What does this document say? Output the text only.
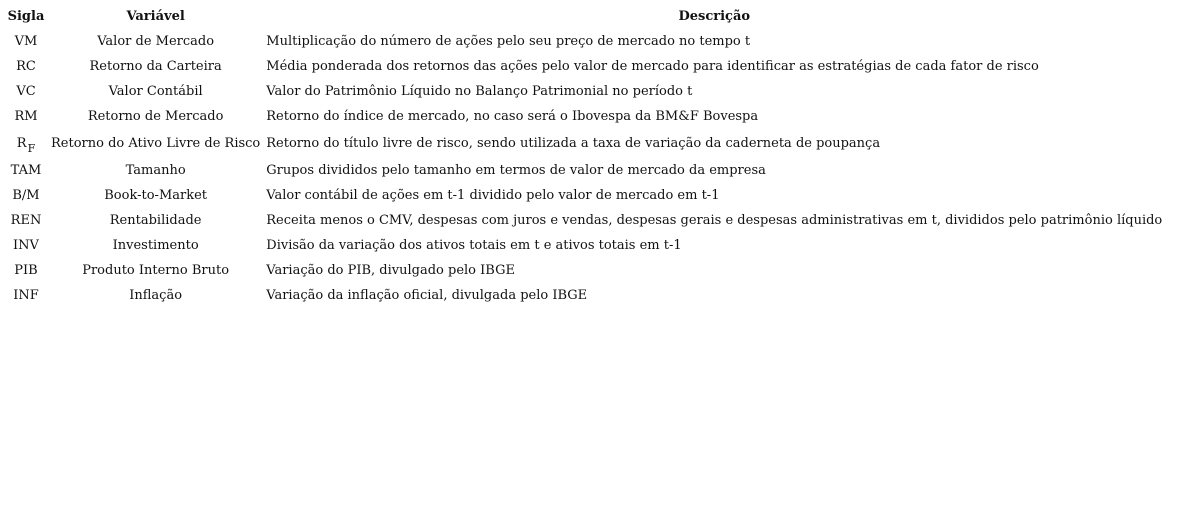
Sigla	Variável	Descrição
VM	Valor de Mercado	Multiplicação do número de ações pelo seu preço de mercado no tempo t
RC	Retorno da Carteira	Média ponderada dos retornos das ações pelo valor de mercado para identificar as estratégias de cada fator de risco
VC	Valor Contábil	Valor do Patrimônio Líquido no Balanço Patrimonial no período t
RM	Retorno de Mercado	Retorno do índice de mercado, no caso será o Ibovespa da BM&F Bovespa
$R_F$	Retorno do Ativo Livre de Risco	Retorno do título livre de risco, sendo utilizada a taxa de variação da caderneta de poupança
TAM	Tamanho	Grupos divididos pelo tamanho em termos de valor de mercado da empresa
B/M	Book-to-Market	Valor contábil de ações em t-1 dividido pelo valor de mercado em t-1
REN	Rentabilidade	Receita menos o CMV, despesas com juros e vendas, despesas gerais e despesas administrativas em t, divididos pelo patrimônio líquido
INV	Investimento	Divisão da variação dos ativos totais em t e ativos totais em t-1
PIB	Produto Interno Bruto	Variação do PIB, divulgado pelo IBGE
INF	Inflação	Variação da inflação oficial, divulgada pelo IBGE
